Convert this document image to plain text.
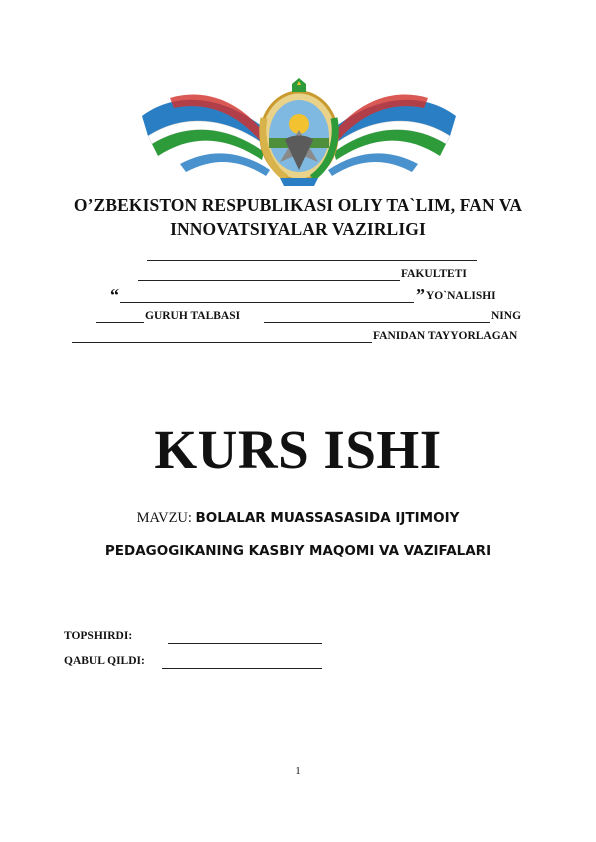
O’ZBEKISTON RESPUBLIKASI OLIY TA`LIM, FAN VA
INNOVATSIYALAR VAZIRLIGI
FAKULTETI
“	” YO`NALISHI
GURUH TALBASI	NING
FANIDAN TAYYORLAGAN
KURS ISHI
MAVZU: BOLALAR MUASSASASIDA IJTIMOIY
PEDAGOGIKANING KASBIY MAQOMI VA VAZIFALARI
TOPSHIRDI:
QABUL QILDI:
1
